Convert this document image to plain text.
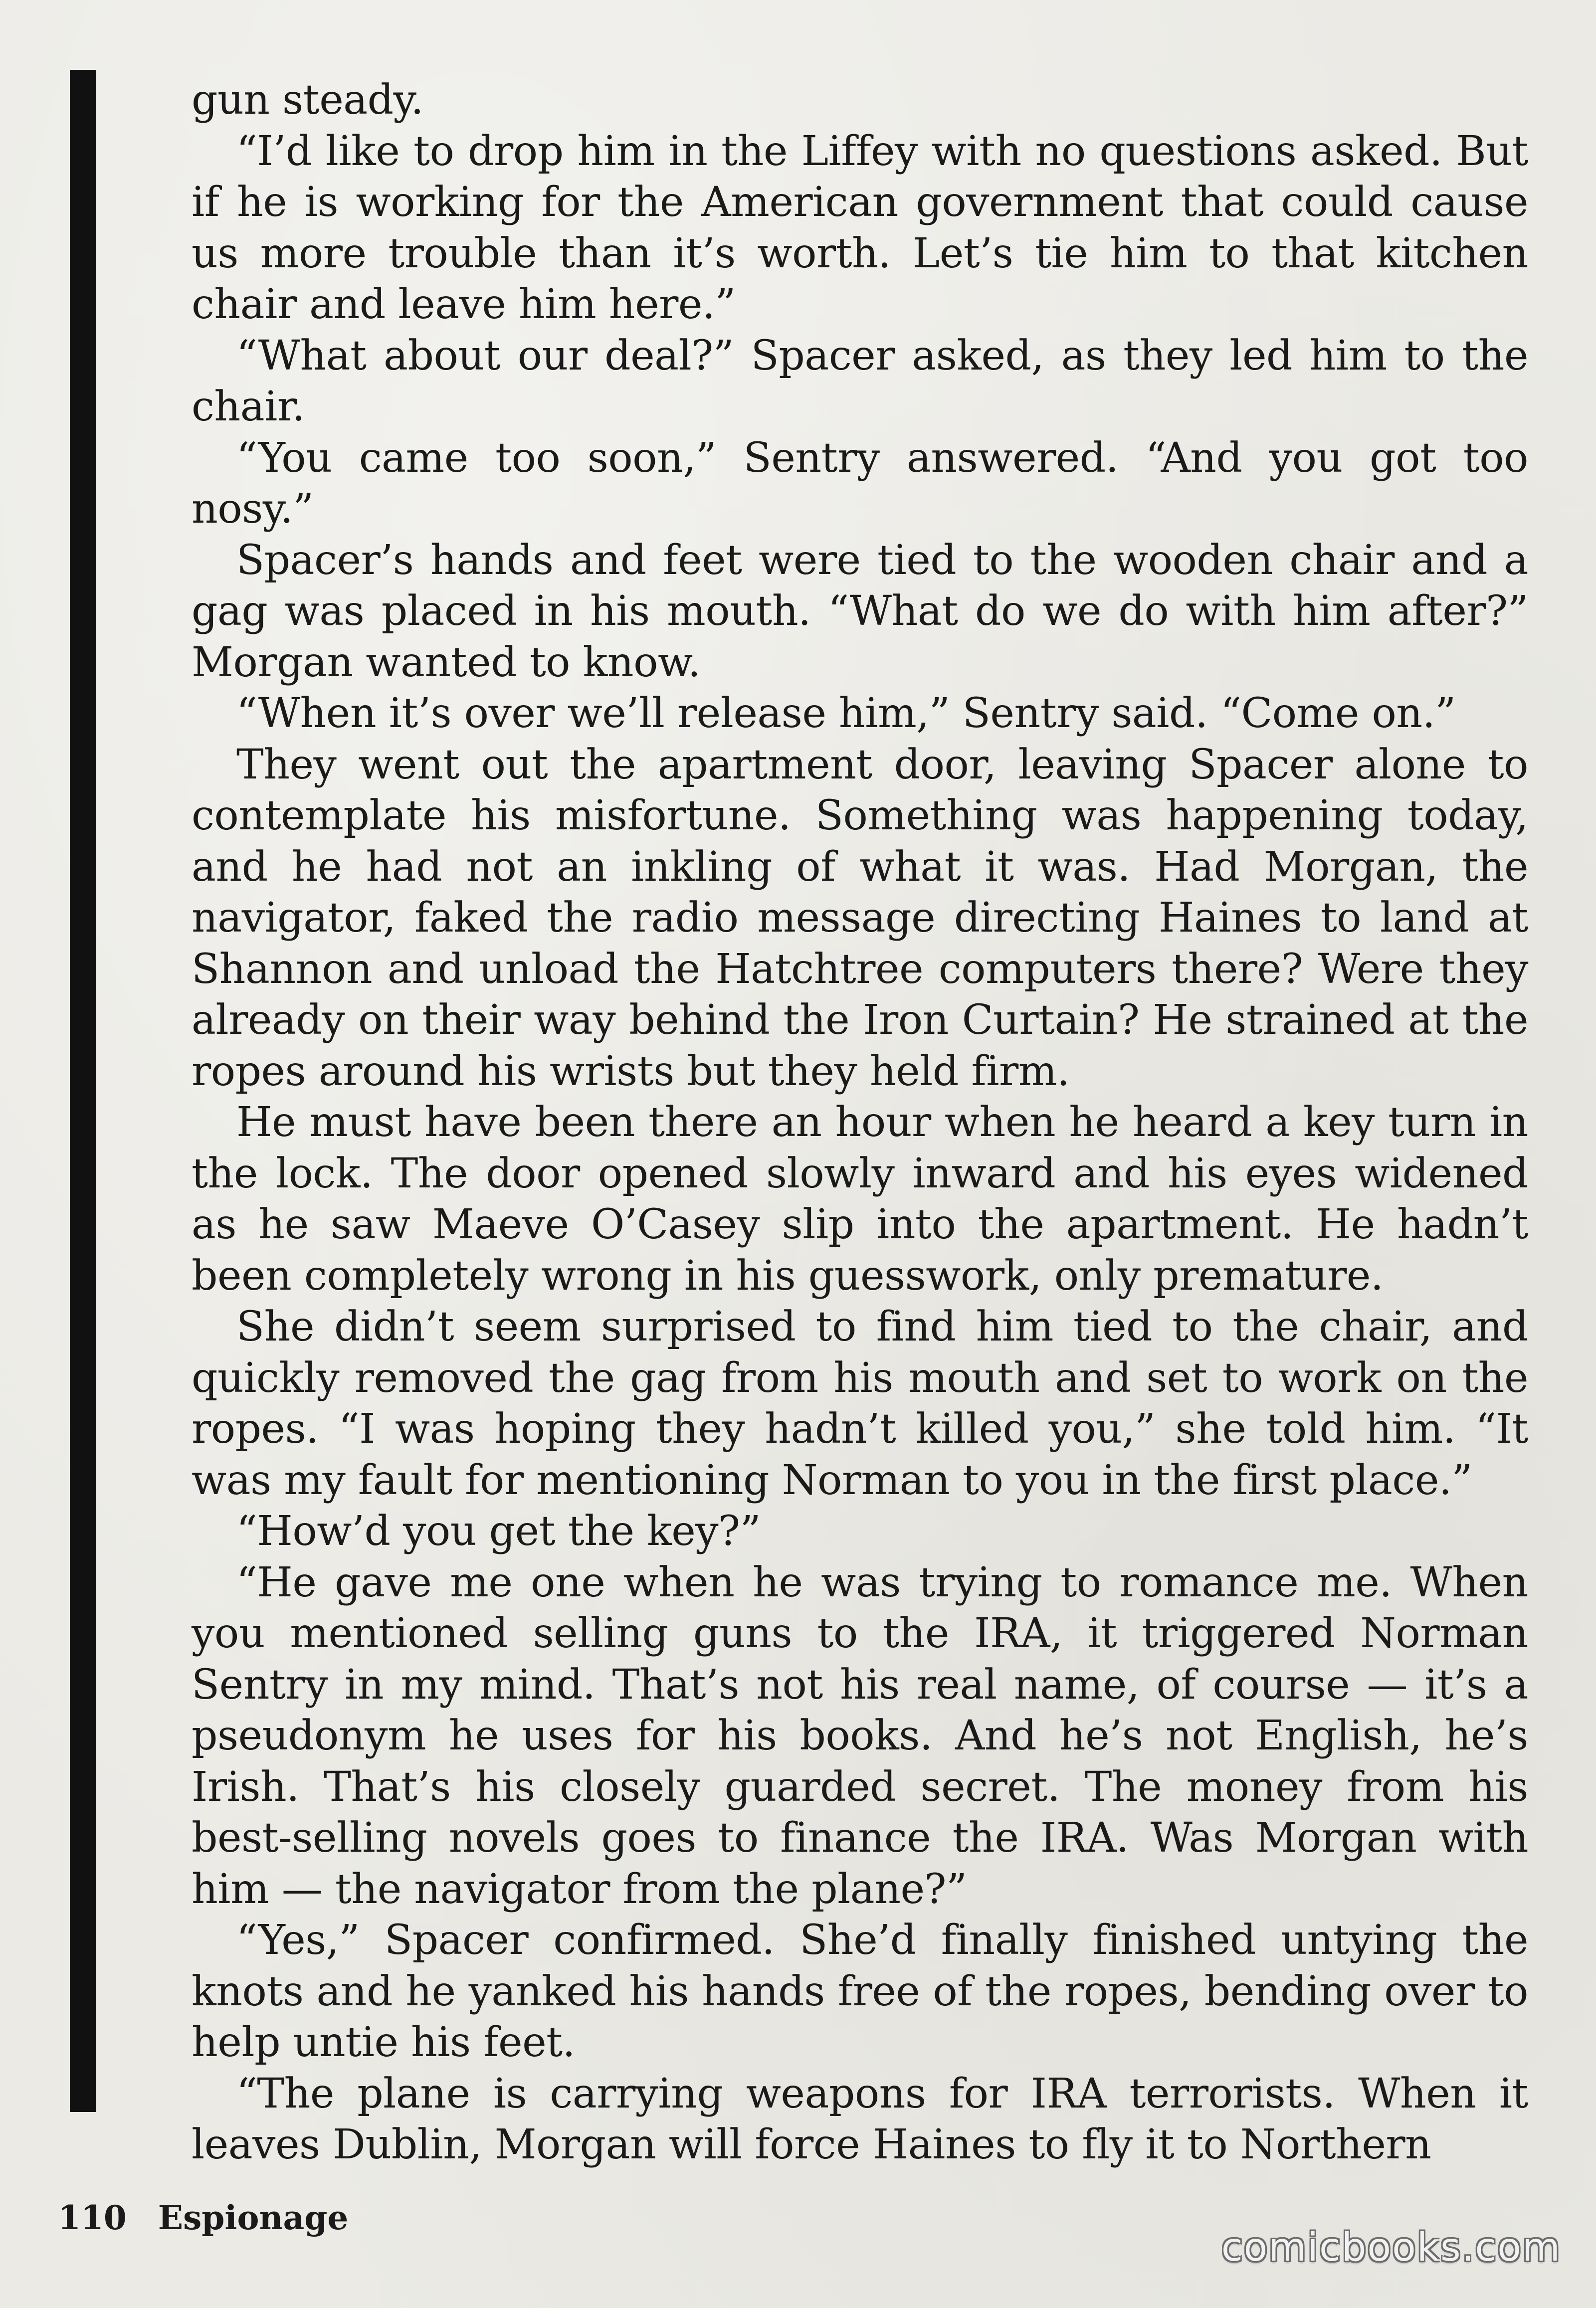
gun steady.

“I’d like to drop him in the Liffey with no questions asked. But if he is working for the American government that could cause us more trouble than it’s worth. Let’s tie him to that kitchen chair and leave him here.”

“What about our deal?” Spacer asked, as they led him to the chair.

“You came too soon,” Sentry answered. “And you got too nosy.”

Spacer’s hands and feet were tied to the wooden chair and a gag was placed in his mouth. “What do we do with him after?” Morgan wanted to know.

“When it’s over we’ll release him,” Sentry said. “Come on.”

They went out the apartment door, leaving Spacer alone to contemplate his misfortune. Something was happening today, and he had not an inkling of what it was. Had Morgan, the navigator, faked the radio message directing Haines to land at Shannon and unload the Hatchtree computers there? Were they already on their way behind the Iron Curtain? He strained at the ropes around his wrists but they held firm.

He must have been there an hour when he heard a key turn in the lock. The door opened slowly inward and his eyes widened as he saw Maeve O’Casey slip into the apartment. He hadn’t been completely wrong in his guesswork, only premature.

She didn’t seem surprised to find him tied to the chair, and quickly removed the gag from his mouth and set to work on the ropes. “I was hoping they hadn’t killed you,” she told him. “It was my fault for mentioning Norman to you in the first place.”

“How’d you get the key?”

“He gave me one when he was trying to romance me. When you mentioned selling guns to the IRA, it triggered Norman Sentry in my mind. That’s not his real name, of course — it’s a pseudonym he uses for his books. And he’s not English, he’s Irish. That’s his closely guarded secret. The money from his best-selling novels goes to finance the IRA. Was Morgan with him — the navigator from the plane?”

“Yes,” Spacer confirmed. She’d finally finished untying the knots and he yanked his hands free of the ropes, bending over to help untie his feet.

“The plane is carrying weapons for IRA terrorists. When it leaves Dublin, Morgan will force Haines to fly it to Northern

110 Espionage
comicbooks.com
